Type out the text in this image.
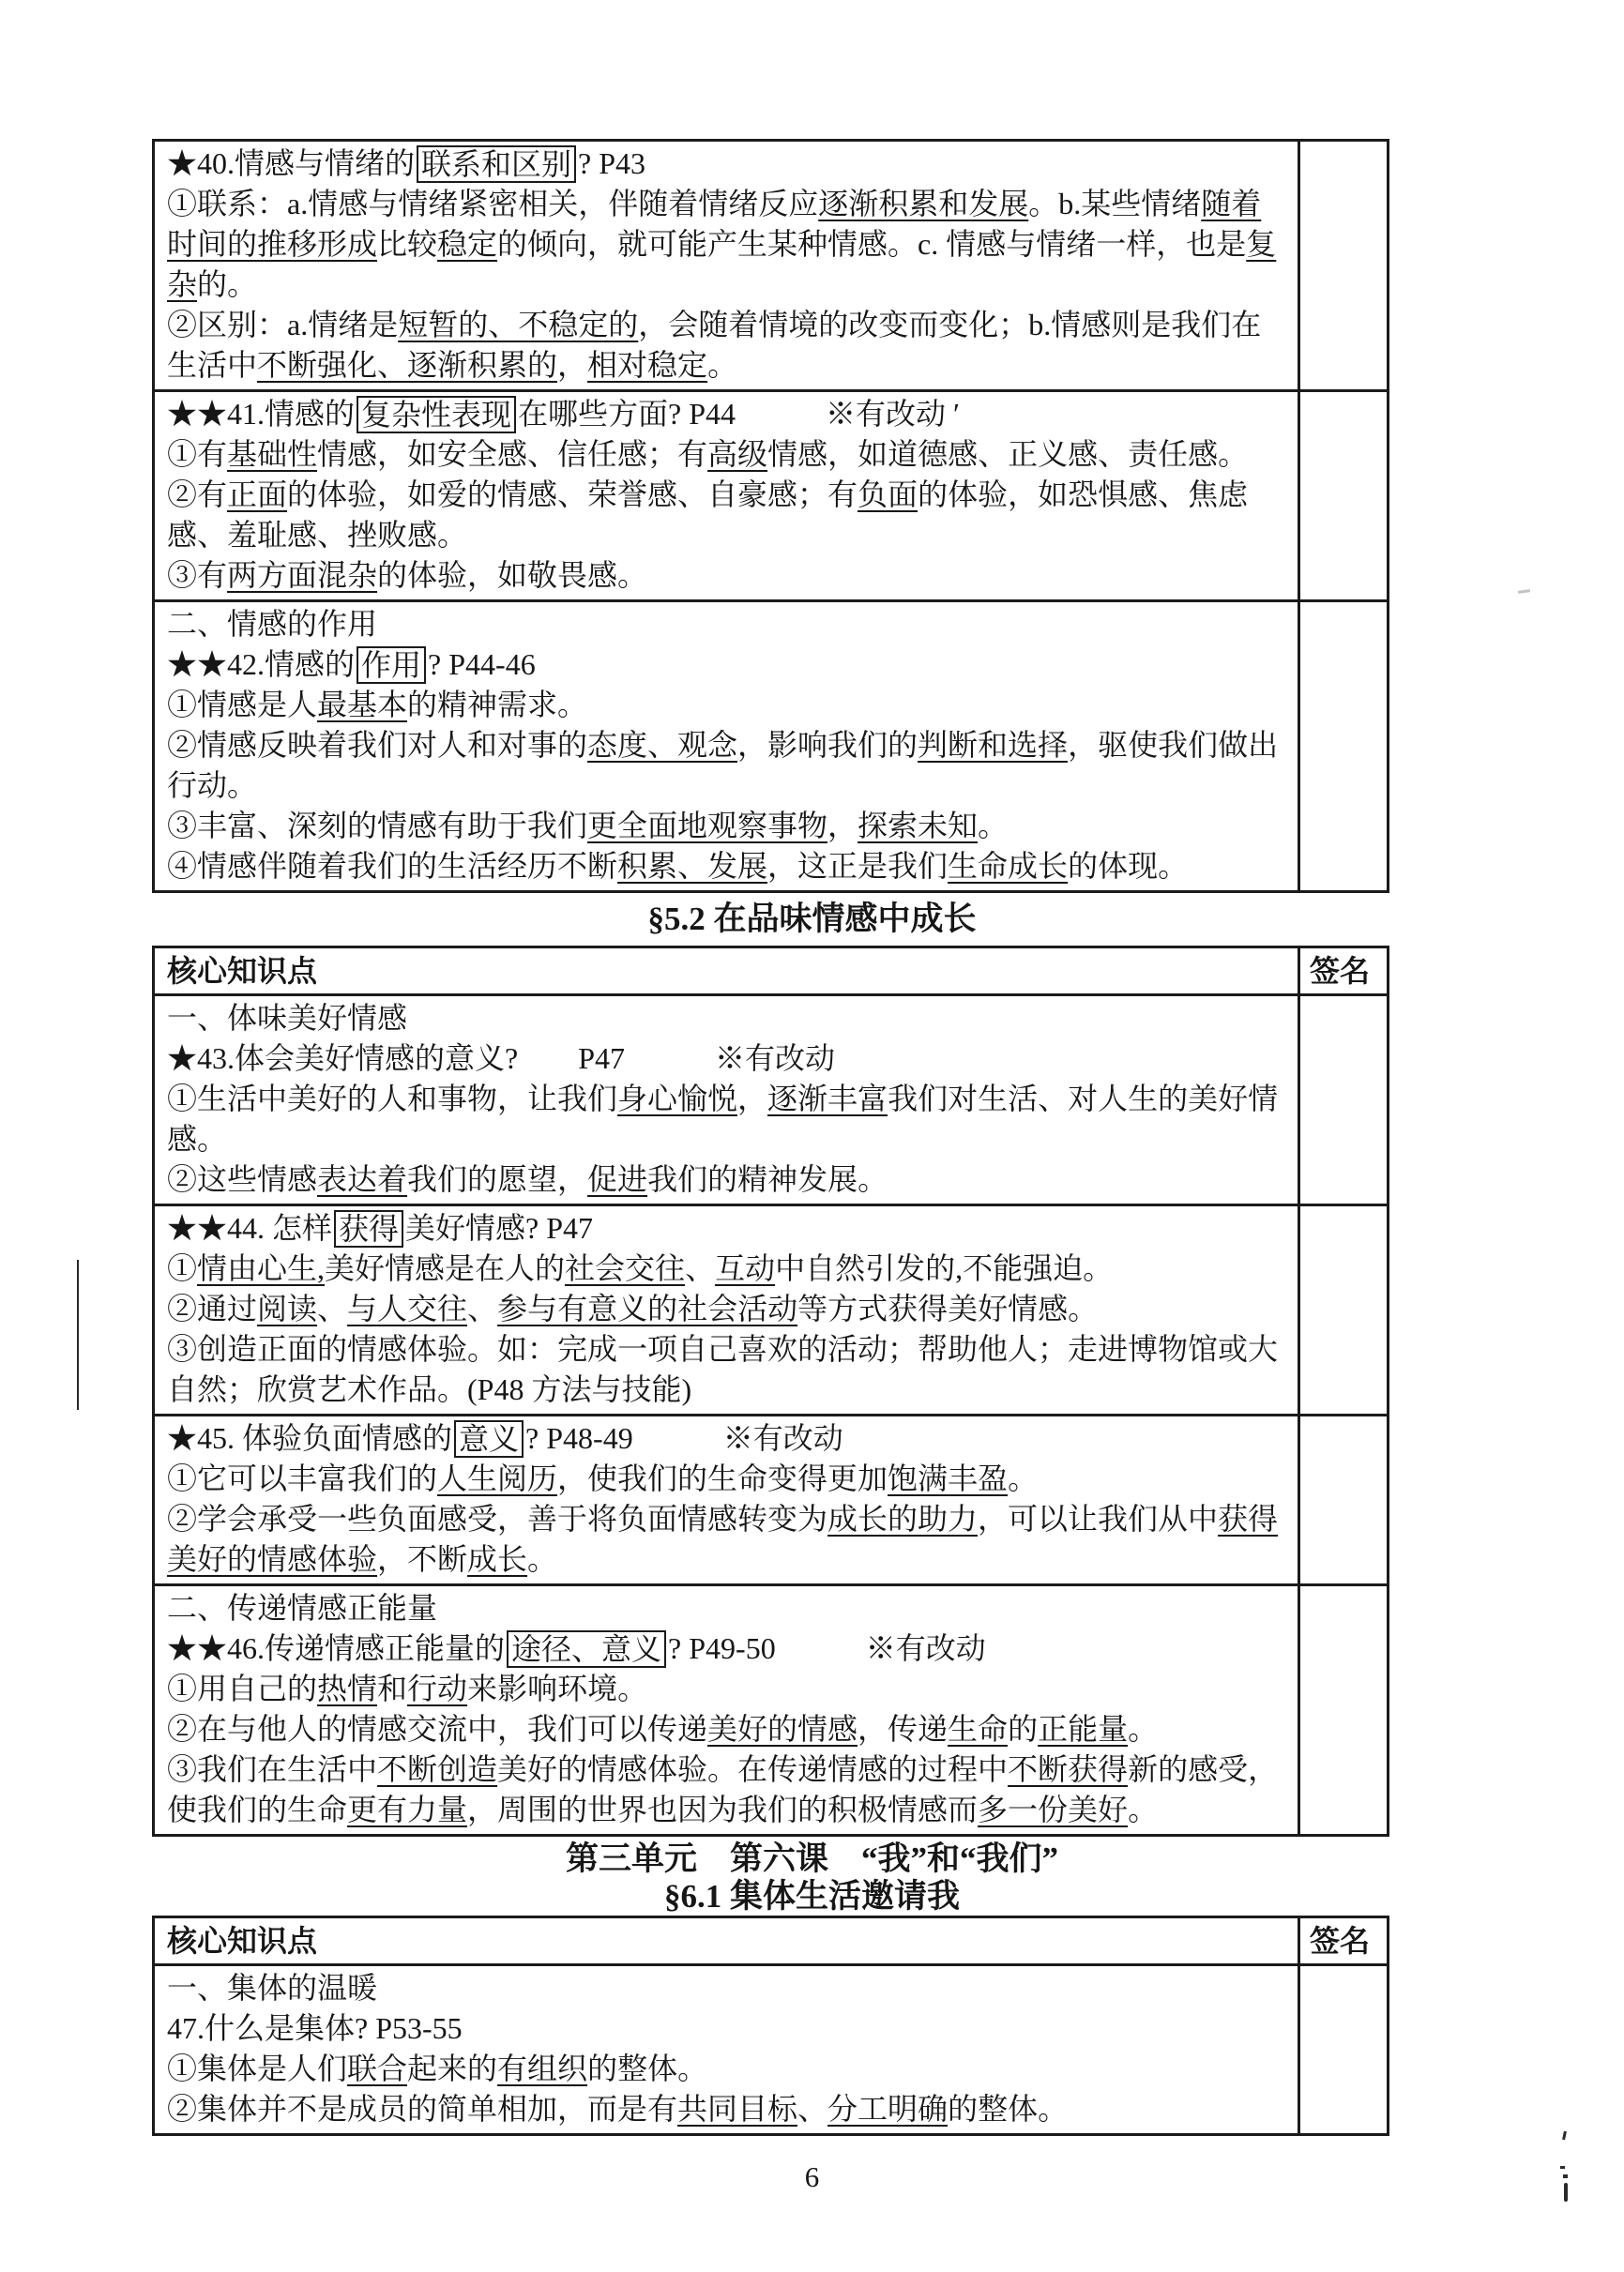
★40.情感与情绪的 联系和区别 ? P43
①联系：a.情感与情绪紧密相关，伴随着情绪反应逐渐积累和发展。b.某些情绪随着时间的推移形成比较稳定的倾向，就可能产生某种情感。c. 情感与情绪一样，也是复杂的。
②区别：a.情绪是短暂的、不稳定的，会随着情境的改变而变化；b.情感则是我们在生活中不断强化、逐渐积累的，相对稳定。
★★41.情感的 复杂性表现 在哪些方面? P44　　　※有改动 ′
①有基础性情感，如安全感、信任感；有高级情感，如道德感、正义感、责任感。
②有正面的体验，如爱的情感、荣誉感、自豪感；有负面的体验，如恐惧感、焦虑感、羞耻感、挫败感。
③有两方面混杂的体验，如敬畏感。
二、情感的作用
★★42.情感的 作用 ? P44-46
①情感是人最基本的精神需求。
②情感反映着我们对人和对事的态度、观念，影响我们的判断和选择，驱使我们做出行动。
③丰富、深刻的情感有助于我们更全面地观察事物，探索未知。
④情感伴随着我们的生活经历不断积累、发展，这正是我们生命成长的体现。
§5.2 在品味情感中成长
核心知识点	签名
一、体味美好情感
★43.体会美好情感的意义?　　P47　　　※有改动
①生活中美好的人和事物，让我们身心愉悦，逐渐丰富我们对生活、对人生的美好情感。
②这些情感表达着我们的愿望，促进我们的精神发展。
★★44. 怎样 获得 美好情感? P47
①情由心生,美好情感是在人的社会交往、互动中自然引发的,不能强迫。
②通过阅读、与人交往、参与有意义的社会活动等方式获得美好情感。
③创造正面的情感体验。如：完成一项自己喜欢的活动；帮助他人；走进博物馆或大自然；欣赏艺术作品。(P48 方法与技能)
★45. 体验负面情感的 意义 ? P48-49　　　※有改动
①它可以丰富我们的人生阅历，使我们的生命变得更加饱满丰盈。
②学会承受一些负面感受，善于将负面情感转变为成长的助力，可以让我们从中获得美好的情感体验，不断成长。
二、传递情感正能量
★★46.传递情感正能量的 途径、意义 ? P49-50　　　※有改动
①用自己的热情和行动来影响环境。
②在与他人的情感交流中，我们可以传递美好的情感，传递生命的正能量。
③我们在生活中不断创造美好的情感体验。在传递情感的过程中不断获得新的感受，使我们的生命更有力量，周围的世界也因为我们的积极情感而多一份美好。
第三单元　第六课　“我”和“我们”
§6.1 集体生活邀请我
核心知识点	签名
一、集体的温暖
47.什么是集体? P53-55
①集体是人们联合起来的有组织的整体。
②集体并不是成员的简单相加，而是有共同目标、分工明确的整体。
6
